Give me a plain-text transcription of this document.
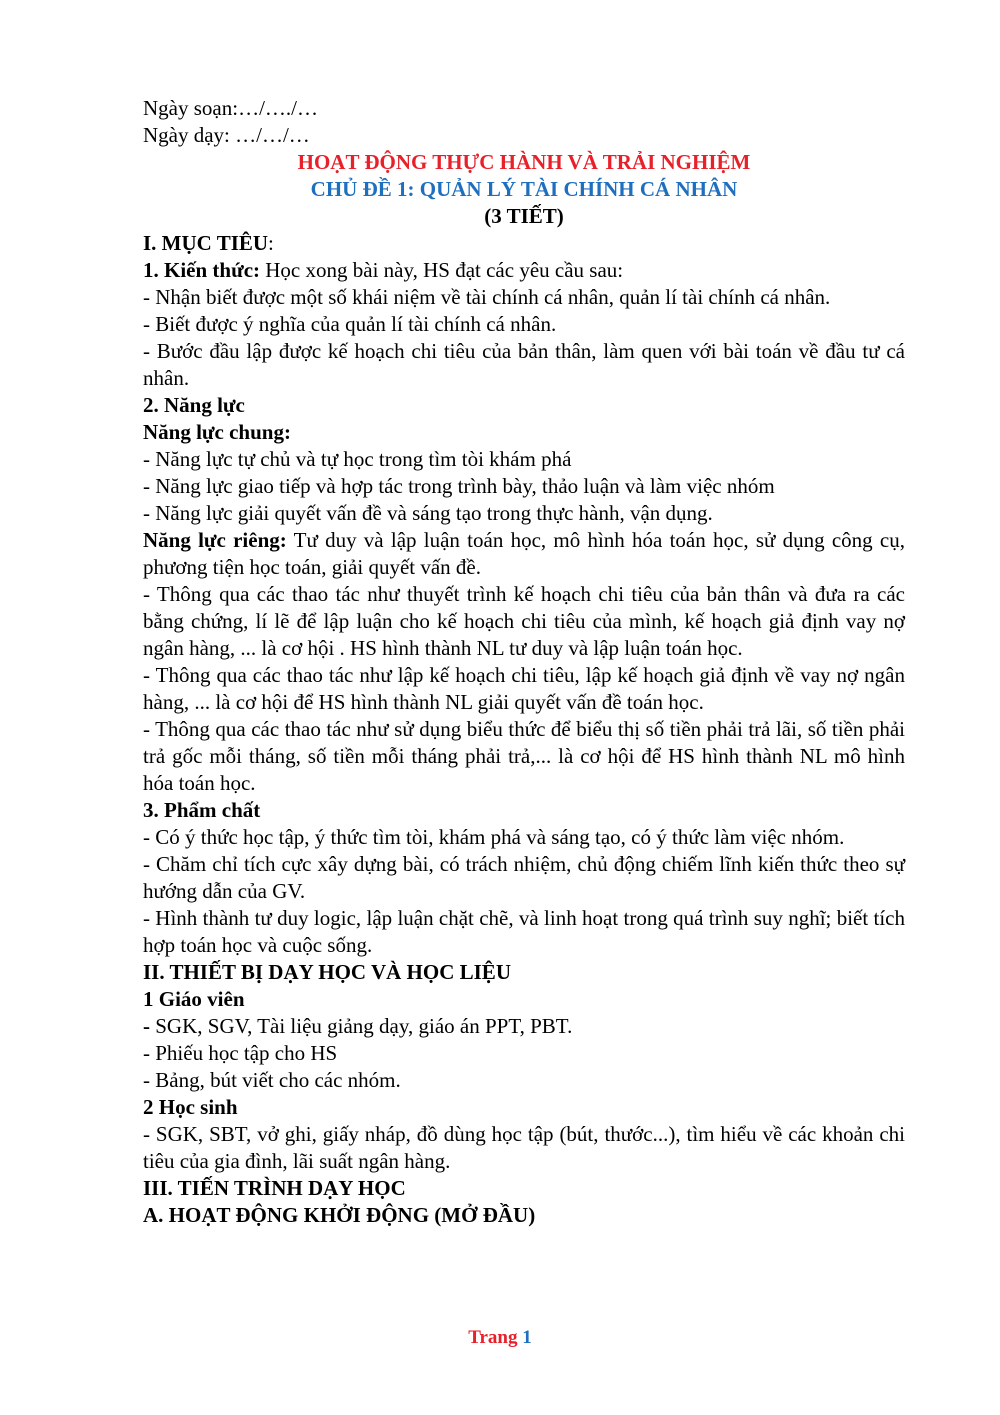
Ngày soạn:…/…./…

Ngày dạy: …/…/…

HOẠT ĐỘNG THỰC HÀNH VÀ TRẢI NGHIỆM

CHỦ ĐỀ 1: QUẢN LÝ TÀI CHÍNH CÁ NHÂN

(3 TIẾT)

I. MỤC TIÊU:

1. Kiến thức: Học xong bài này, HS đạt các yêu cầu sau:

- Nhận biết được một số khái niệm về tài chính cá nhân, quản lí tài chính cá nhân.

- Biết được ý nghĩa của quản lí tài chính cá nhân.

- Bước đầu lập được kế hoạch chi tiêu của bản thân, làm quen với bài toán về đầu tư cá nhân.

2. Năng lực

Năng lực chung:

- Năng lực tự chủ và tự học trong tìm tòi khám phá

- Năng lực giao tiếp và hợp tác trong trình bày, thảo luận và làm việc nhóm

- Năng lực giải quyết vấn đề và sáng tạo trong thực hành, vận dụng.

Năng lực riêng: Tư duy và lập luận toán học, mô hình hóa toán học, sử dụng công cụ, phương tiện học toán, giải quyết vấn đề.

- Thông qua các thao tác như thuyết trình kế hoạch chi tiêu của bản thân và đưa ra các bằng chứng, lí lẽ để lập luận cho kế hoạch chi tiêu của mình, kế hoạch giả định vay nợ ngân hàng, ... là cơ hội . HS hình thành NL tư duy và lập luận toán học.

- Thông qua các thao tác như lập kế hoạch chi tiêu, lập kế hoạch giả định về vay nợ ngân hàng, ... là cơ hội để HS hình thành NL giải quyết vấn đề toán học.

- Thông qua các thao tác như sử dụng biểu thức để biểu thị số tiền phải trả lãi, số tiền phải trả gốc mỗi tháng, số tiền mỗi tháng phải trả,... là cơ hội để HS hình thành NL mô hình hóa toán học.

3. Phẩm chất

- Có ý thức học tập, ý thức tìm tòi, khám phá và sáng tạo, có ý thức làm việc nhóm.

- Chăm chỉ tích cực xây dựng bài, có trách nhiệm, chủ động chiếm lĩnh kiến thức theo sự hướng dẫn của GV.

- Hình thành tư duy logic, lập luận chặt chẽ, và linh hoạt trong quá trình suy nghĩ; biết tích hợp toán học và cuộc sống.

II. THIẾT BỊ DẠY HỌC VÀ HỌC LIỆU

1 Giáo viên

- SGK, SGV, Tài liệu giảng dạy, giáo án PPT, PBT.

- Phiếu học tập cho HS

- Bảng, bút viết cho các nhóm.

2 Học sinh

- SGK, SBT, vở ghi, giấy nháp, đồ dùng học tập (bút, thước...), tìm hiểu về các khoản chi tiêu của gia đình, lãi suất ngân hàng.

III. TIẾN TRÌNH DẠY HỌC

A. HOẠT ĐỘNG KHỞI ĐỘNG (MỞ ĐẦU)

Trang 1
